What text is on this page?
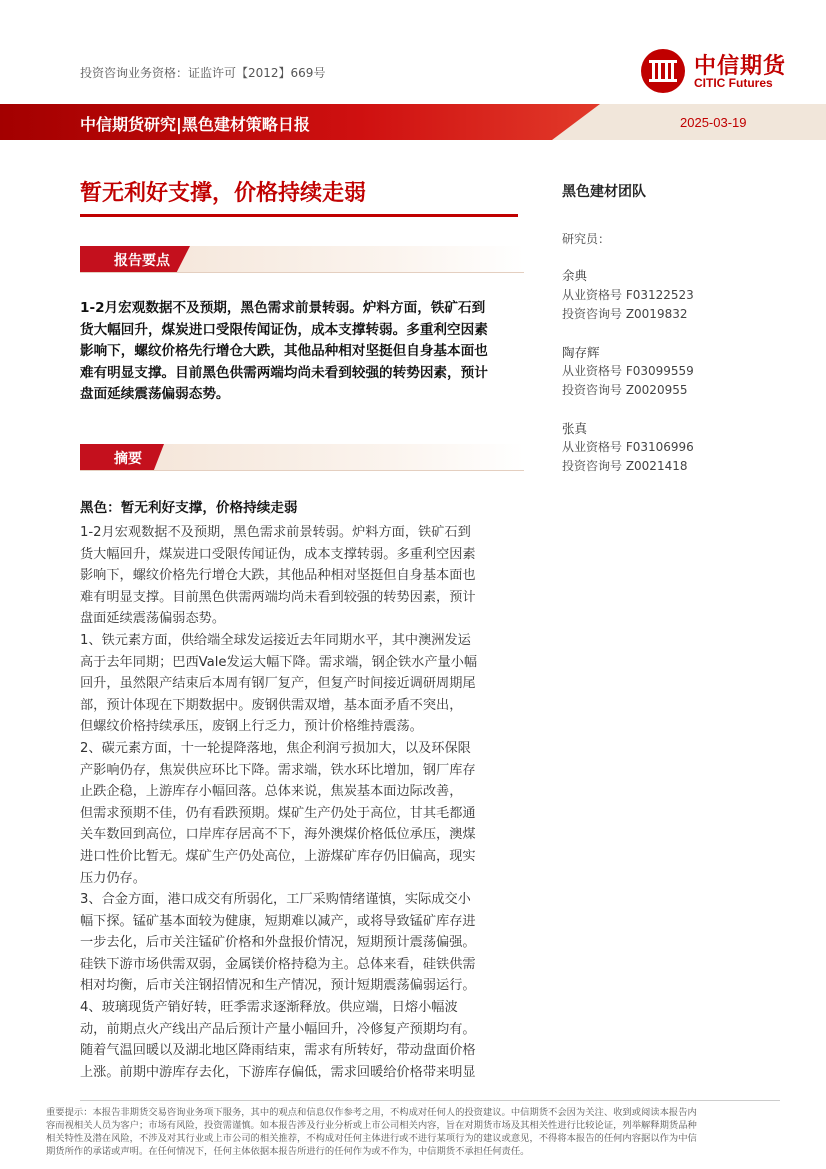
投资咨询业务资格：证监许可【2012】669号	中信期货
CITIC Futures
中信期货研究|黑色建材策略日报	2025-03-19
暂无利好支撑，价格持续走弱
报告要点
1-2月宏观数据不及预期，黑色需求前景转弱。炉料方面，铁矿石到
货大幅回升，煤炭进口受限传闻证伪，成本支撑转弱。多重利空因素
影响下，螺纹价格先行增仓大跌，其他品种相对坚挺但自身基本面也
难有明显支撑。目前黑色供需两端均尚未看到较强的转势因素，预计
盘面延续震荡偏弱态势。
摘要
黑色：暂无利好支撑，价格持续走弱
1-2月宏观数据不及预期，黑色需求前景转弱。炉料方面，铁矿石到
货大幅回升，煤炭进口受限传闻证伪，成本支撑转弱。多重利空因素
影响下，螺纹价格先行增仓大跌，其他品种相对坚挺但自身基本面也
难有明显支撑。目前黑色供需两端均尚未看到较强的转势因素，预计
盘面延续震荡偏弱态势。
1、铁元素方面，供给端全球发运接近去年同期水平，其中澳洲发运
高于去年同期；巴西Vale发运大幅下降。需求端，钢企铁水产量小幅
回升，虽然限产结束后本周有钢厂复产，但复产时间接近调研周期尾
部，预计体现在下期数据中。废钢供需双增，基本面矛盾不突出，
但螺纹价格持续承压，废钢上行乏力，预计价格维持震荡。
2、碳元素方面，十一轮提降落地，焦企利润亏损加大，以及环保限
产影响仍存，焦炭供应环比下降。需求端，铁水环比增加，钢厂库存
止跌企稳，上游库存小幅回落。总体来说，焦炭基本面边际改善，
但需求预期不佳，仍有看跌预期。煤矿生产仍处于高位，甘其毛都通
关车数回到高位，口岸库存居高不下，海外澳煤价格低位承压，澳煤
进口性价比暂无。煤矿生产仍处高位，上游煤矿库存仍旧偏高，现实
压力仍存。
3、合金方面，港口成交有所弱化，工厂采购情绪谨慎，实际成交小
幅下探。锰矿基本面较为健康，短期难以减产，或将导致锰矿库存进
一步去化，后市关注锰矿价格和外盘报价情况，短期预计震荡偏强。
硅铁下游市场供需双弱，金属镁价格持稳为主。总体来看，硅铁供需
相对均衡，后市关注钢招情况和生产情况，预计短期震荡偏弱运行。
4、玻璃现货产销好转，旺季需求逐渐释放。供应端，日熔小幅波
动，前期点火产线出产品后预计产量小幅回升，冷修复产预期均有。
随着气温回暖以及湖北地区降雨结束，需求有所转好，带动盘面价格
上涨。前期中游库存去化，下游库存偏低，需求回暖给价格带来明显
黑色建材团队
研究员：
余典
从业资格号 F03122523
投资咨询号 Z0019832
陶存辉
从业资格号 F03099559
投资咨询号 Z0020955
张真
从业资格号 F03106996
投资咨询号 Z0021418
重要提示：本报告非期货交易咨询业务项下服务，其中的观点和信息仅作参考之用，不构成对任何人的投资建议。中信期货不会因为关注、收到或阅读本报告内
容而视相关人员为客户；市场有风险，投资需谨慎。如本报告涉及行业分析或上市公司相关内容，旨在对期货市场及其相关性进行比较论证，列举解释期货品种
相关特性及潜在风险，不涉及对其行业或上市公司的相关推荐，不构成对任何主体进行或不进行某项行为的建议或意见，不得将本报告的任何内容据以作为中信
期货所作的承诺或声明。在任何情况下，任何主体依据本报告所进行的任何作为或不作为，中信期货不承担任何责任。
